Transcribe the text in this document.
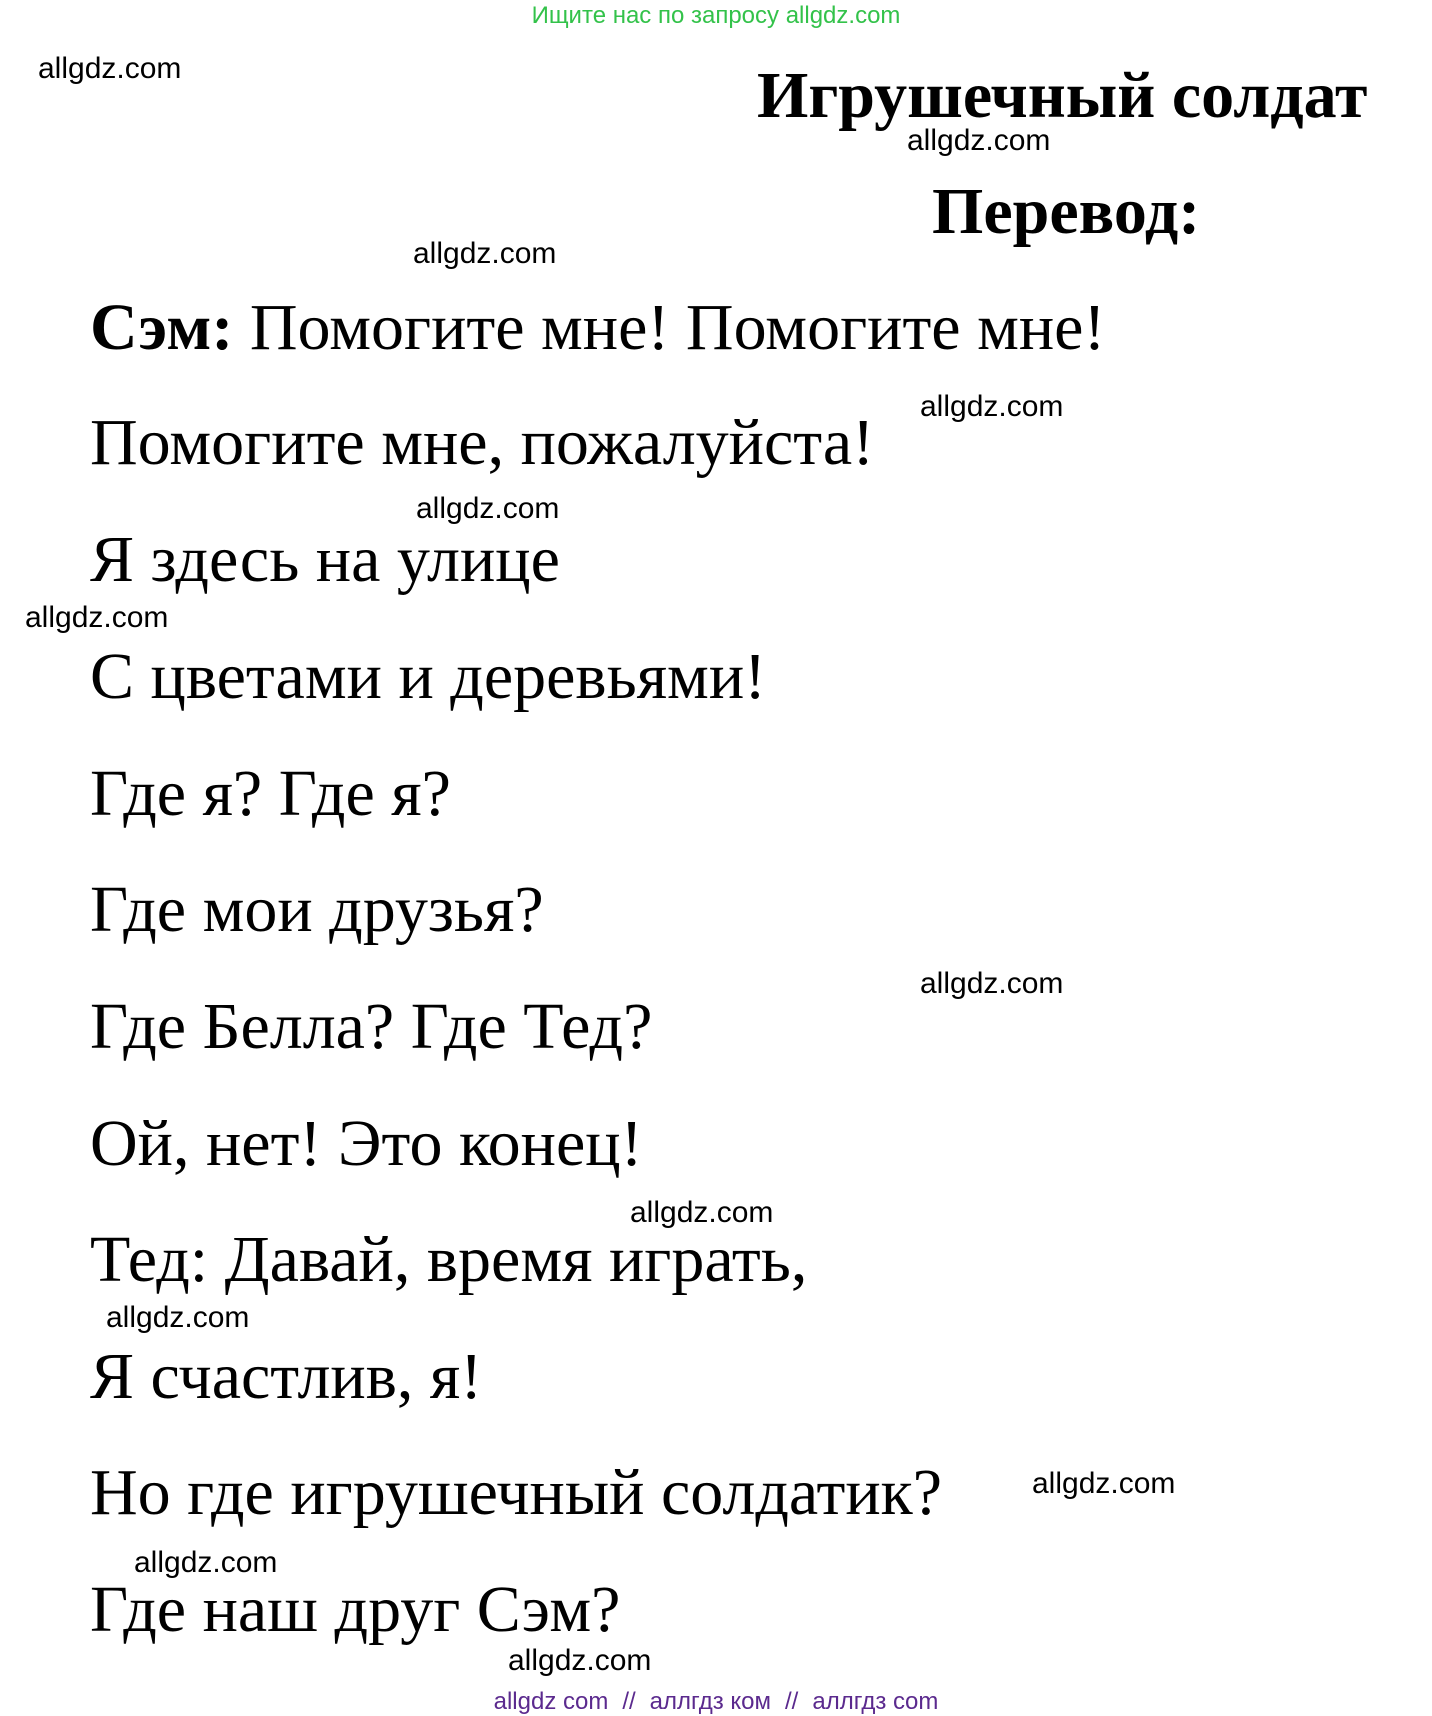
Ищите нас по запросу allgdz.com
allgdz.com
allgdz.com
allgdz.com
allgdz.com
allgdz.com
allgdz.com
allgdz.com
allgdz.com
allgdz.com
allgdz.com
allgdz.com
allgdz.com
Игрушечный солдат
Перевод:
Сэм: Помогите мне! Помогите мне!
Помогите мне, пожалуйста!
Я здесь на улице
С цветами и деревьями!
Где я? Где я?
Где мои друзья?
Где Белла? Где Тед?
Ой, нет! Это конец!
Тед: Давай, время играть,
Я счастлив, я!
Но где игрушечный солдатик?
Где наш друг Сэм?
allgdz com // аллгдз ком // аллгдз com
